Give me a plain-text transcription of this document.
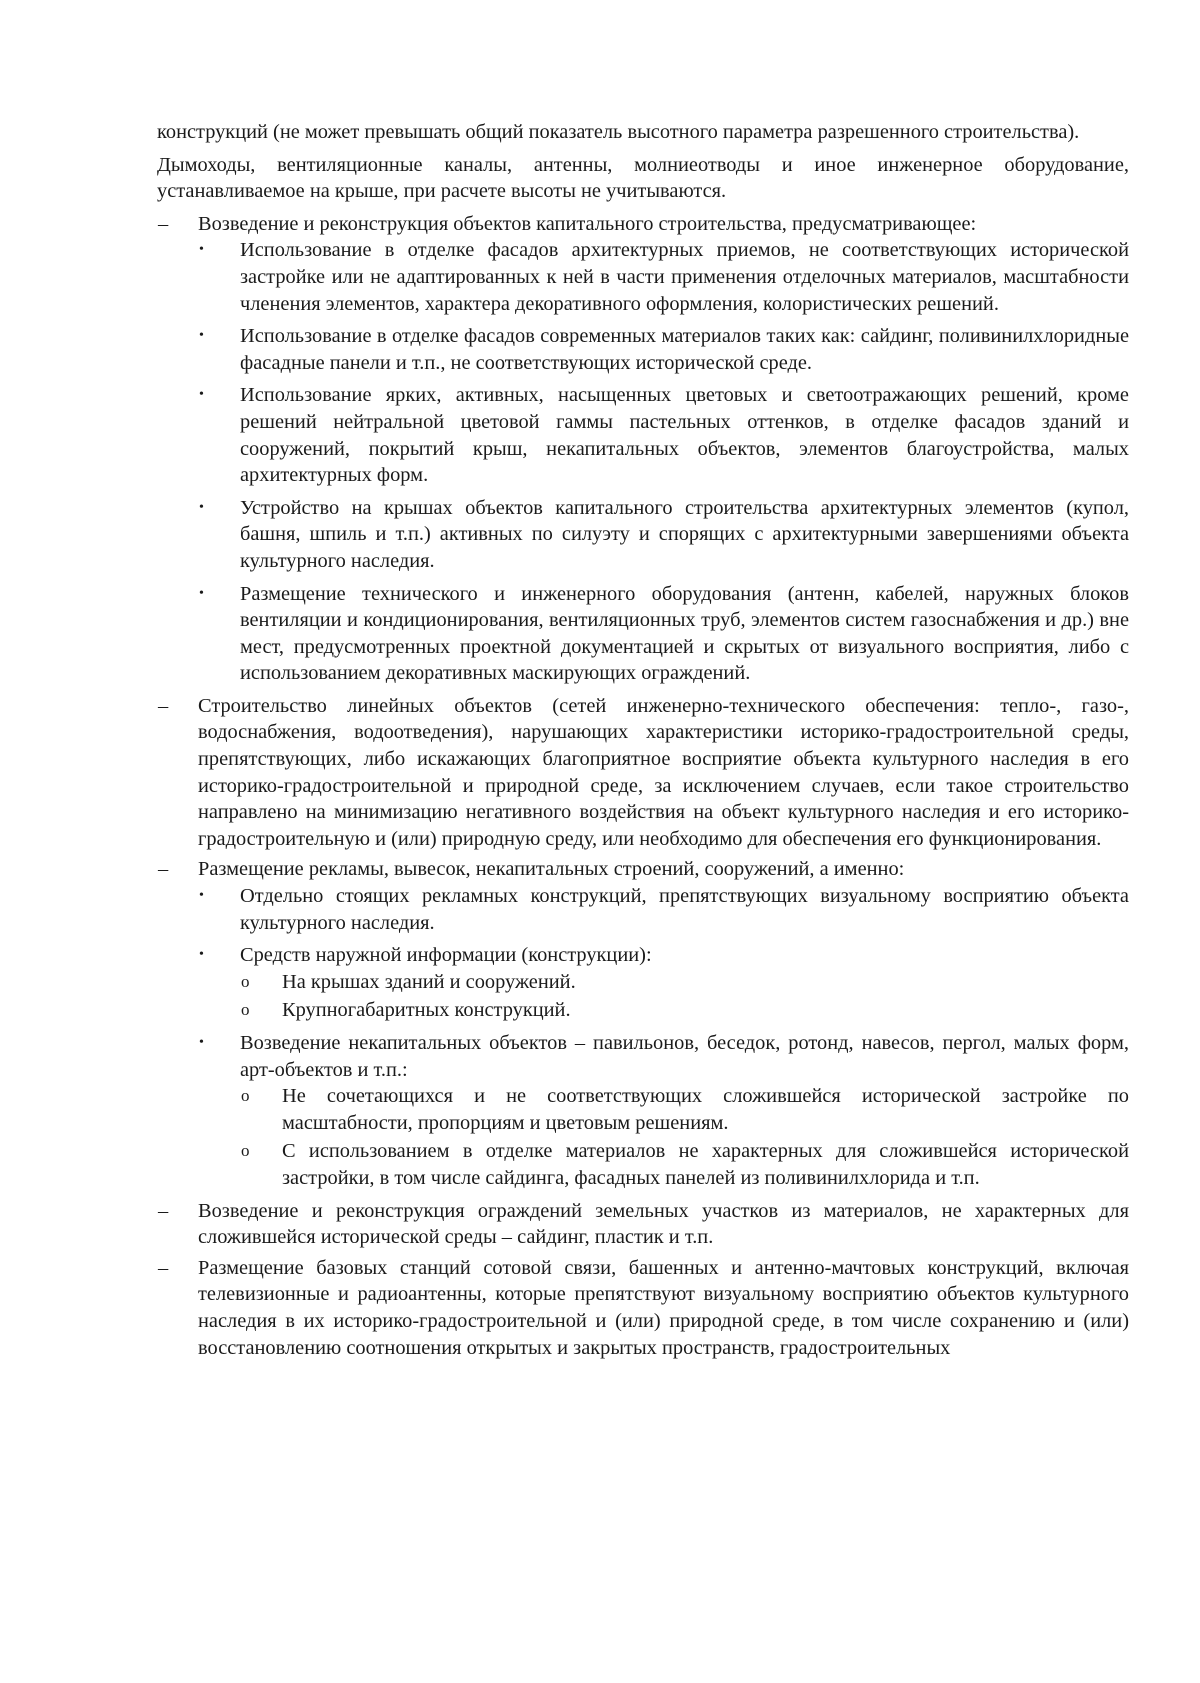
конструкций (не может превышать общий показатель высотного параметра разрешенного строительства).

Дымоходы, вентиляционные каналы, антенны, молниеотводы и иное инженерное оборудование, устанавливаемое на крыше, при расчете высоты не учитываются.

– Возведение и реконструкция объектов капитального строительства, предусматривающее:

• Использование в отделке фасадов архитектурных приемов, не соответствующих исторической застройке или не адаптированных к ней в части применения отделочных материалов, масштабности членения элементов, характера декоративного оформления, колористических решений.

• Использование в отделке фасадов современных материалов таких как: сайдинг, поливинилхлоридные фасадные панели и т.п., не соответствующих исторической среде.

• Использование ярких, активных, насыщенных цветовых и светоотражающих решений, кроме решений нейтральной цветовой гаммы пастельных оттенков, в отделке фасадов зданий и сооружений, покрытий крыш, некапитальных объектов, элементов благоустройства, малых архитектурных форм.

• Устройство на крышах объектов капитального строительства архитектурных элементов (купол, башня, шпиль и т.п.) активных по силуэту и спорящих с архитектурными завершениями объекта культурного наследия.

• Размещение технического и инженерного оборудования (антенн, кабелей, наружных блоков вентиляции и кондиционирования, вентиляционных труб, элементов систем газоснабжения и др.) вне мест, предусмотренных проектной документацией и скрытых от визуального восприятия, либо с использованием декоративных маскирующих ограждений.

– Строительство линейных объектов (сетей инженерно-технического обеспечения: тепло-, газо-, водоснабжения, водоотведения), нарушающих характеристики историко-градостроительной среды, препятствующих, либо искажающих благоприятное восприятие объекта культурного наследия в его историко-градостроительной и природной среде, за исключением случаев, если такое строительство направлено на минимизацию негативного воздействия на объект культурного наследия и его историко-градостроительную и (или) природную среду, или необходимо для обеспечения его функционирования.

– Размещение рекламы, вывесок, некапитальных строений, сооружений, а именно:

• Отдельно стоящих рекламных конструкций, препятствующих визуальному восприятию объекта культурного наследия.

• Средств наружной информации (конструкции):

o На крышах зданий и сооружений.

o Крупногабаритных конструкций.

• Возведение некапитальных объектов – павильонов, беседок, ротонд, навесов, пергол, малых форм, арт-объектов и т.п.:

o Не сочетающихся и не соответствующих сложившейся исторической застройке по масштабности, пропорциям и цветовым решениям.

o С использованием в отделке материалов не характерных для сложившейся исторической застройки, в том числе сайдинга, фасадных панелей из поливинилхлорида и т.п.

– Возведение и реконструкция ограждений земельных участков из материалов, не характерных для сложившейся исторической среды – сайдинг, пластик и т.п.

– Размещение базовых станций сотовой связи, башенных и антенно-мачтовых конструкций, включая телевизионные и радиоантенны, которые препятствуют визуальному восприятию объектов культурного наследия в их историко-градостроительной и (или) природной среде, в том числе сохранению и (или) восстановлению соотношения открытых и закрытых пространств, градостроительных
